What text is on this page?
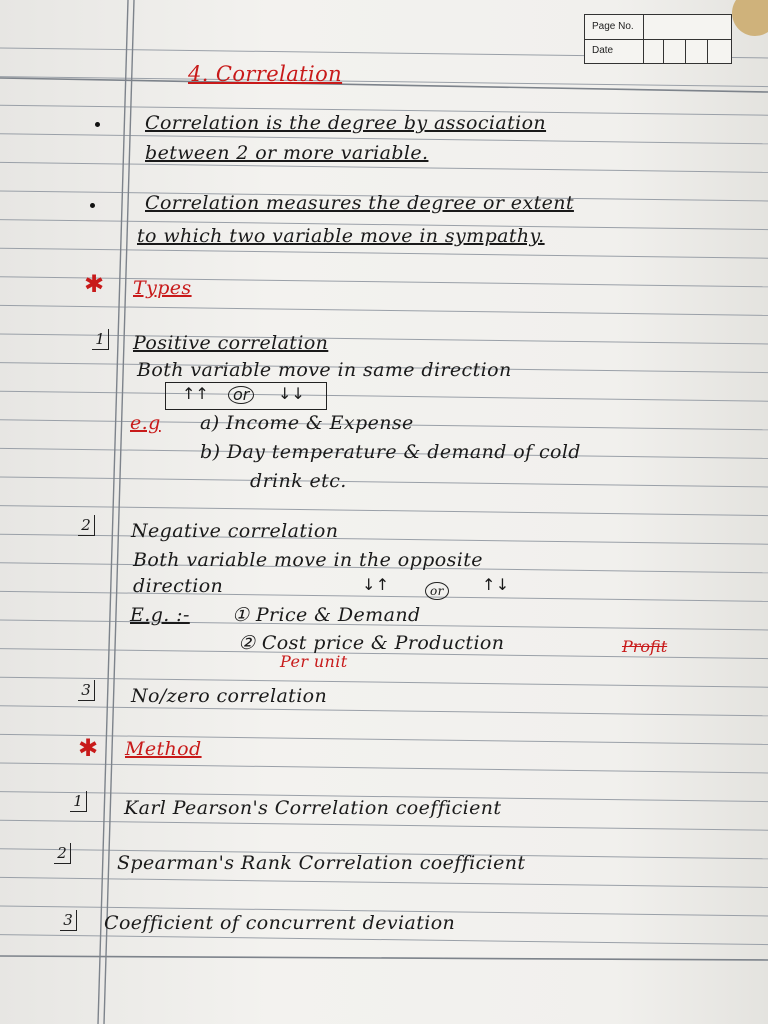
Page No.
Date
4. Correlation
Correlation is the degree by association
between 2 or more variable.
Correlation measures the degree or extent
to which two variable move in sympathy.
✱ Types
1 Positive correlation
Both variable move in same direction
↑↑	or	↓↓
e.g a) Income & Expense
b) Day temperature & demand of cold
drink etc.
2 Negative correlation
Both variable move in the opposite
direction	↓↑	or	↑↓
E.g. :- ① Price & Demand
② Cost price & Production
Per unit
Profit
3 No/zero correlation
✱ Method
1 Karl Pearson's Correlation coefficient
2	Spearman's Rank Correlation coefficient
3 Coefficient of concurrent deviation
